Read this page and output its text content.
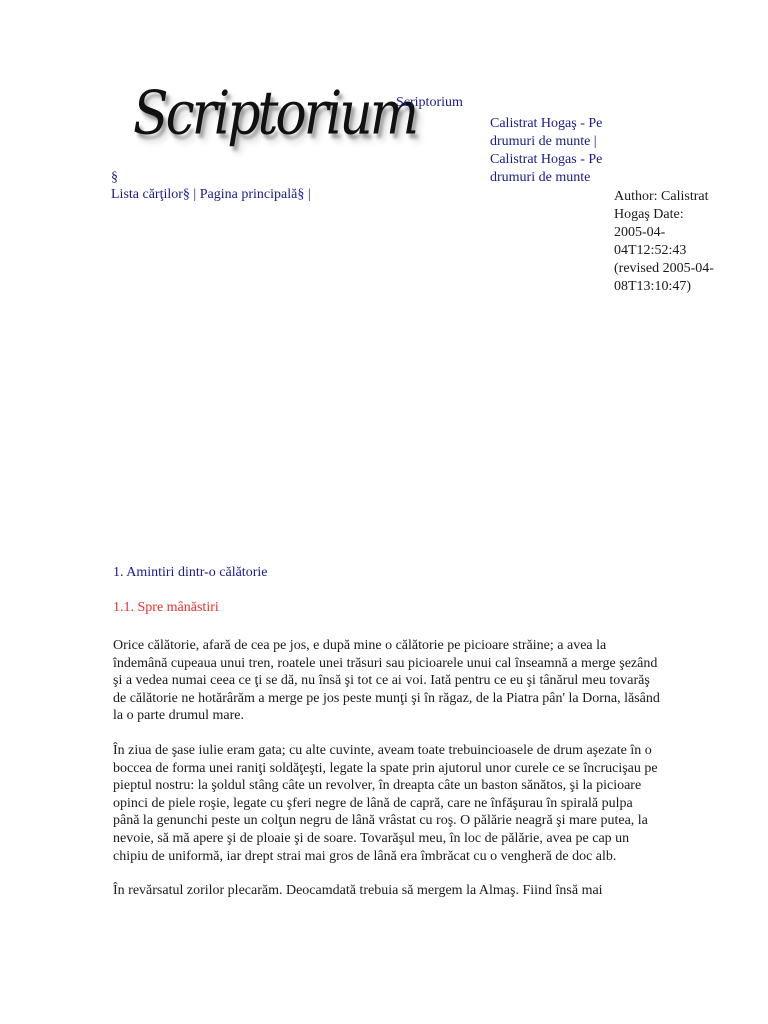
Scriptorium
Scriptorium
Calistrat Hogaş - Pe drumuri de munte | Calistrat Hogas - Pe drumuri de munte
§
Lista cărţilor§ | Pagina principală§ |	Author: Calistrat Hogaş Date: 2005-04-04T12:52:43 (revised 2005-04-08T13:10:47)
1. Amintiri dintr-o călătorie
1.1. Spre mânăstiri

Orice călătorie, afară de cea pe jos, e după mine o călătorie pe picioare străine; a avea la îndemână cupeaua unui tren, roatele unei trăsuri sau picioarele unui cal înseamnă a merge şezând şi a vedea numai ceea ce ţi se dă, nu însă şi tot ce ai voi. Iată pentru ce eu şi tânărul meu tovarăş de călătorie ne hotărârăm a merge pe jos peste munţi şi în răgaz, de la Piatra pân' la Dorna, lăsând la o parte drumul mare.

În ziua de şase iulie eram gata; cu alte cuvinte, aveam toate trebuincioasele de drum aşezate în o boccea de forma unei raniţi soldăţeşti, legate la spate prin ajutorul unor curele ce se încrucişau pe pieptul nostru: la şoldul stâng câte un revolver, în dreapta câte un baston sănătos, şi la picioare opinci de piele roşie, legate cu şferi negre de lână de capră, care ne înfăşurau în spirală pulpa până la genunchi peste un colţun negru de lână vrâstat cu roş. O pălărie neagră şi mare putea, la nevoie, să mă apere şi de ploaie şi de soare. Tovarăşul meu, în loc de pălărie, avea pe cap un chipiu de uniformă, iar drept strai mai gros de lână era îmbrăcat cu o vengheră de doc alb.

În revărsatul zorilor plecarăm. Deocamdată trebuia să mergem la Almaş. Fiind însă mai
